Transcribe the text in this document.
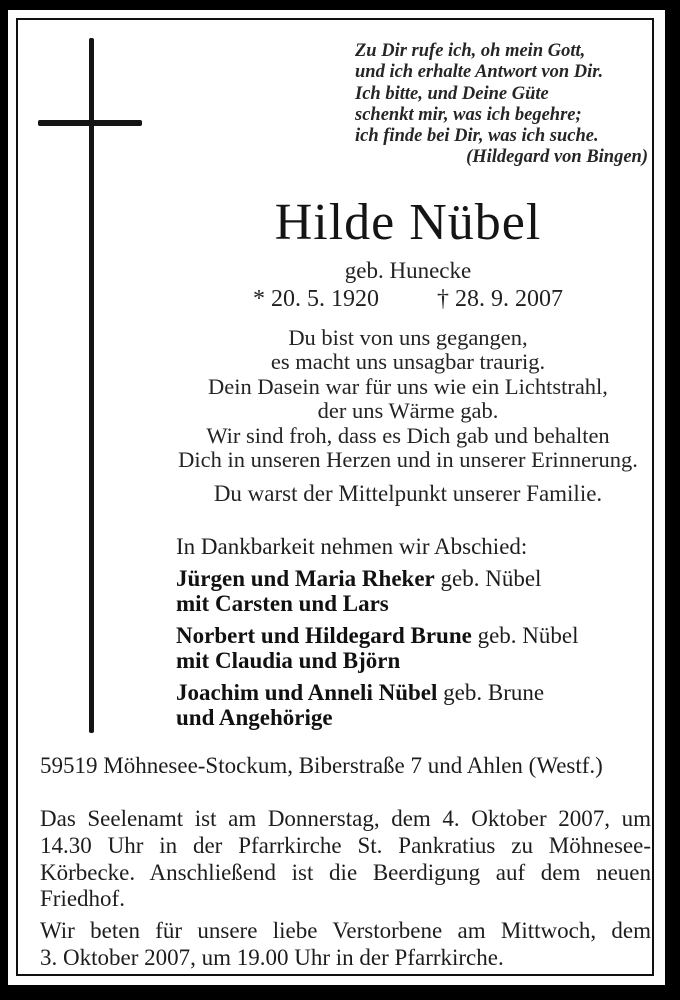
Zu Dir rufe ich, oh mein Gott,
und ich erhalte Antwort von Dir.
Ich bitte, und Deine Güte
schenkt mir, was ich begehre;
ich finde bei Dir, was ich suche.
(Hildegard von Bingen)
Hilde Nübel
geb. Hunecke
* 20. 5. 1920 † 28. 9. 2007
Du bist von uns gegangen,
es macht uns unsagbar traurig.
Dein Dasein war für uns wie ein Lichtstrahl,
der uns Wärme gab.
Wir sind froh, dass es Dich gab und behalten
Dich in unseren Herzen und in unserer Erinnerung.
Du warst der Mittelpunkt unserer Familie.
In Dankbarkeit nehmen wir Abschied:
Jürgen und Maria Rheker geb. Nübel
mit Carsten und Lars
Norbert und Hildegard Brune geb. Nübel
mit Claudia und Björn
Joachim und Anneli Nübel geb. Brune
und Angehörige
59519 Möhnesee-Stockum, Biberstraße 7 und Ahlen (Westf.)
Das Seelenamt ist am Donnerstag, dem 4. Oktober 2007, um
14.30 Uhr in der Pfarrkirche St. Pankratius zu Möhnesee-
Körbecke. Anschließend ist die Beerdigung auf dem neuen
Friedhof.
Wir beten für unsere liebe Verstorbene am Mittwoch, dem
3. Oktober 2007, um 19.00 Uhr in der Pfarrkirche.
